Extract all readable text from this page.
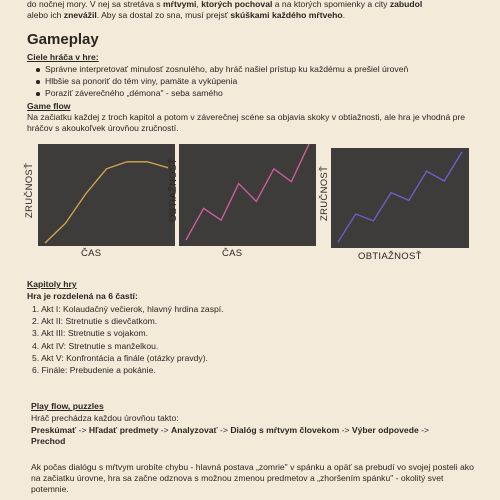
do nočnej mory. V nej sa stretáva s mŕtvymi, ktorých pochoval a na ktorých spomienky a city zabudol
alebo ich znevážil. Aby sa dostal zo sna, musí prejsť skúškami každého mŕtveho.
Gameplay
Ciele hráča v hre:
Správne interpretovať minulosť zosnulého, aby hráč našiel prístup ku každému a prešiel úroveň
Hlbšie sa ponoriť do tém viny, pamäte a vykúpenia
Poraziť záverečného „démona" - seba samého
Game flow
Na začiatku každej z troch kapitol a potom v záverečnej scéne sa objavia skoky v obtiažnosti, ale hra je vhodná pre hráčov s akoukoľvek úrovňou zručností.
ZRUČNOSŤ
ČAS
OBTIAŽNOSŤ
ČAS
ZRUČNOSŤ
OBTIAŽNOSŤ
Kapitoly hry
Hra je rozdelená na 6 častí:
1. Akt I: Kolaudačný večierok, hlavný hrdina zaspí.
2. Akt II: Stretnutie s dievčatkom.
3. Akt III: Stretnutie s vojakom.
4. Akt IV: Stretnutie s manželkou.
5. Akt V: Konfrontácia a finále (otázky pravdy).
6. Finále: Prebudenie a pokánie.
Play flow, puzzles
Hráč prechádza každou úrovňou takto:
Preskúmať -> Hľadať predmety -> Analyzovať -> Dialóg s mŕtvym človekom -> Výber odpovede ->
Prechod
Ak počas dialógu s mŕtvym urobíte chybu - hlavná postava „zomrie" v spánku a opäť sa prebudí vo svojej posteli ako na začiatku úrovne, hra sa začne odznova s možnou zmenou predmetov a „zhoršením spánku" - okolitý svet potemnie.
